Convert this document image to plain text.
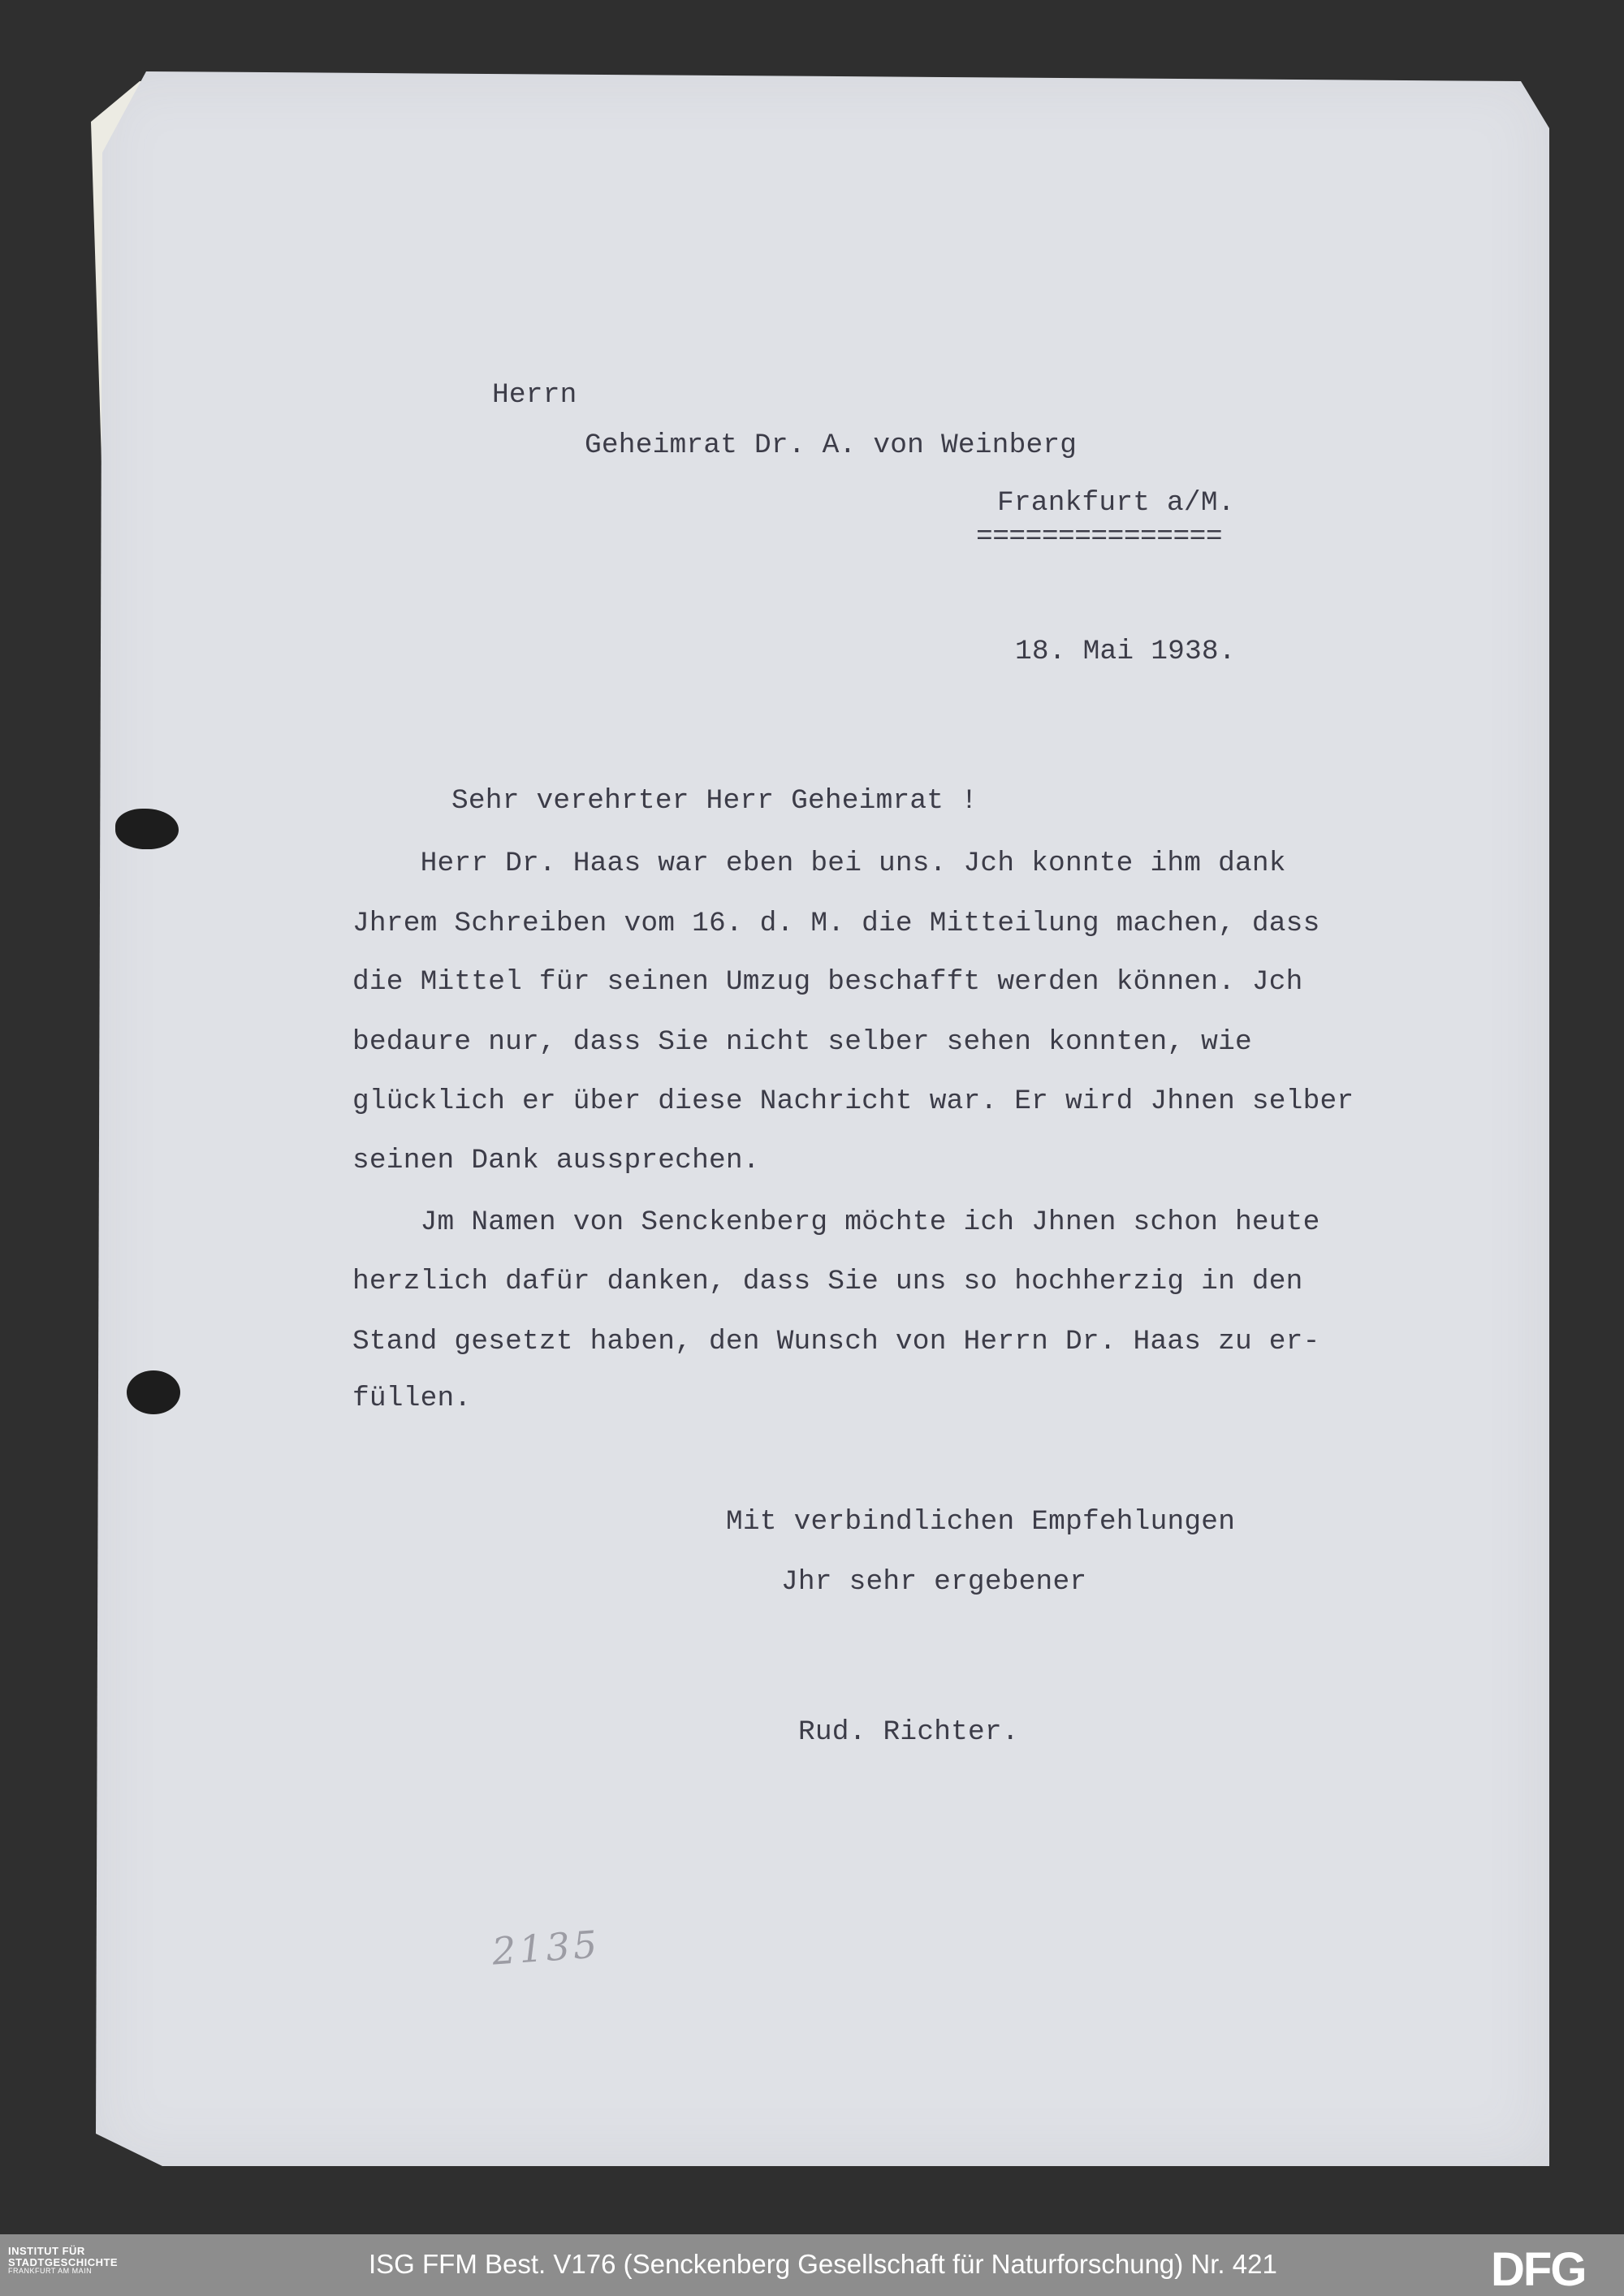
Herrn
Geheimrat Dr. A. von Weinberg
Frankfurt a/M.
===============
18. Mai 1938.
Sehr verehrter Herr Geheimrat !
Herr Dr. Haas war eben bei uns. Jch konnte ihm dank
Jhrem Schreiben vom 16. d. M. die Mitteilung machen, dass
die Mittel für seinen Umzug beschafft werden können. Jch
bedaure nur, dass Sie nicht selber sehen konnten, wie
glücklich er über diese Nachricht war. Er wird Jhnen selber
seinen Dank aussprechen.
Jm Namen von Senckenberg möchte ich Jhnen schon heute
herzlich dafür danken, dass Sie uns so hochherzig in den
Stand gesetzt haben, den Wunsch von Herrn Dr. Haas zu er-
füllen.
Mit verbindlichen Empfehlungen
Jhr sehr ergebener
Rud. Richter.
2135
INSTITUT FÜR
STADTGESCHICHTE
FRANKFURT AM MAIN	ISG FFM Best. V176 (Senckenberg Gesellschaft für Naturforschung) Nr. 421	DFG
